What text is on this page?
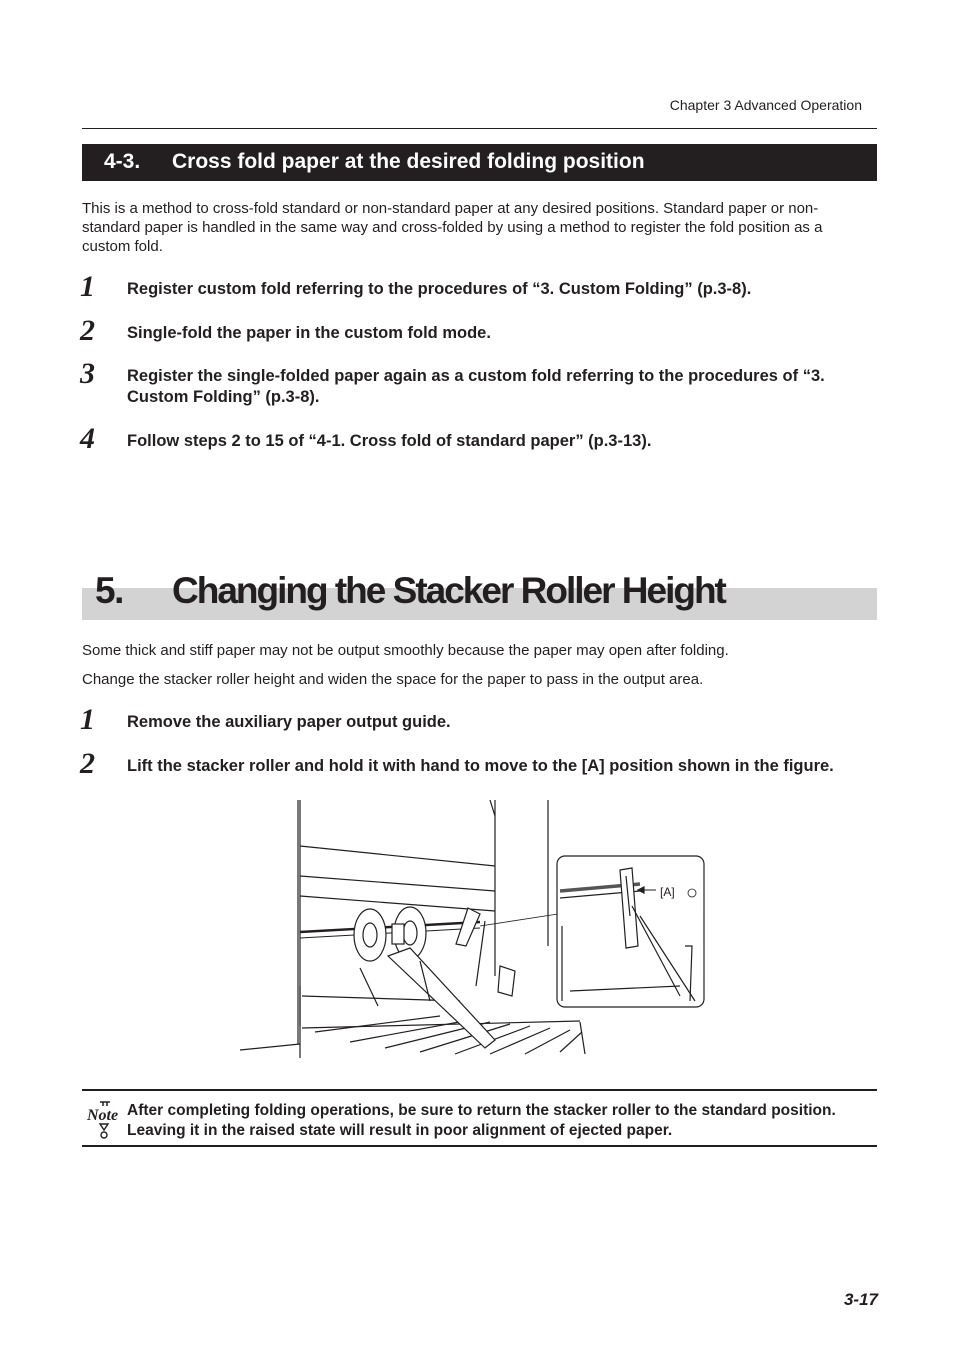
Chapter 3 Advanced Operation
4-3. Cross fold paper at the desired folding position
This is a method to cross-fold standard or non-standard paper at any desired positions. Standard paper or non-standard paper is handled in the same way and cross-folded by using a method to register the fold position as a custom fold.
1 Register custom fold referring to the procedures of “3. Custom Folding” (p.3-8).
2 Single-fold the paper in the custom fold mode.
3 Register the single-folded paper again as a custom fold referring to the procedures of “3. Custom Folding” (p.3-8).
4 Follow steps 2 to 15 of “4-1. Cross fold of standard paper” (p.3-13).
5. Changing the Stacker Roller Height
Some thick and stiff paper may not be output smoothly because the paper may open after folding.
Change the stacker roller height and widen the space for the paper to pass in the output area.
1 Remove the auxiliary paper output guide.
2 Lift the stacker roller and hold it with hand to move to the [A] position shown in the figure.
[A]
Note After completing folding operations, be sure to return the stacker roller to the standard position. Leaving it in the raised state will result in poor alignment of ejected paper.
3-17
